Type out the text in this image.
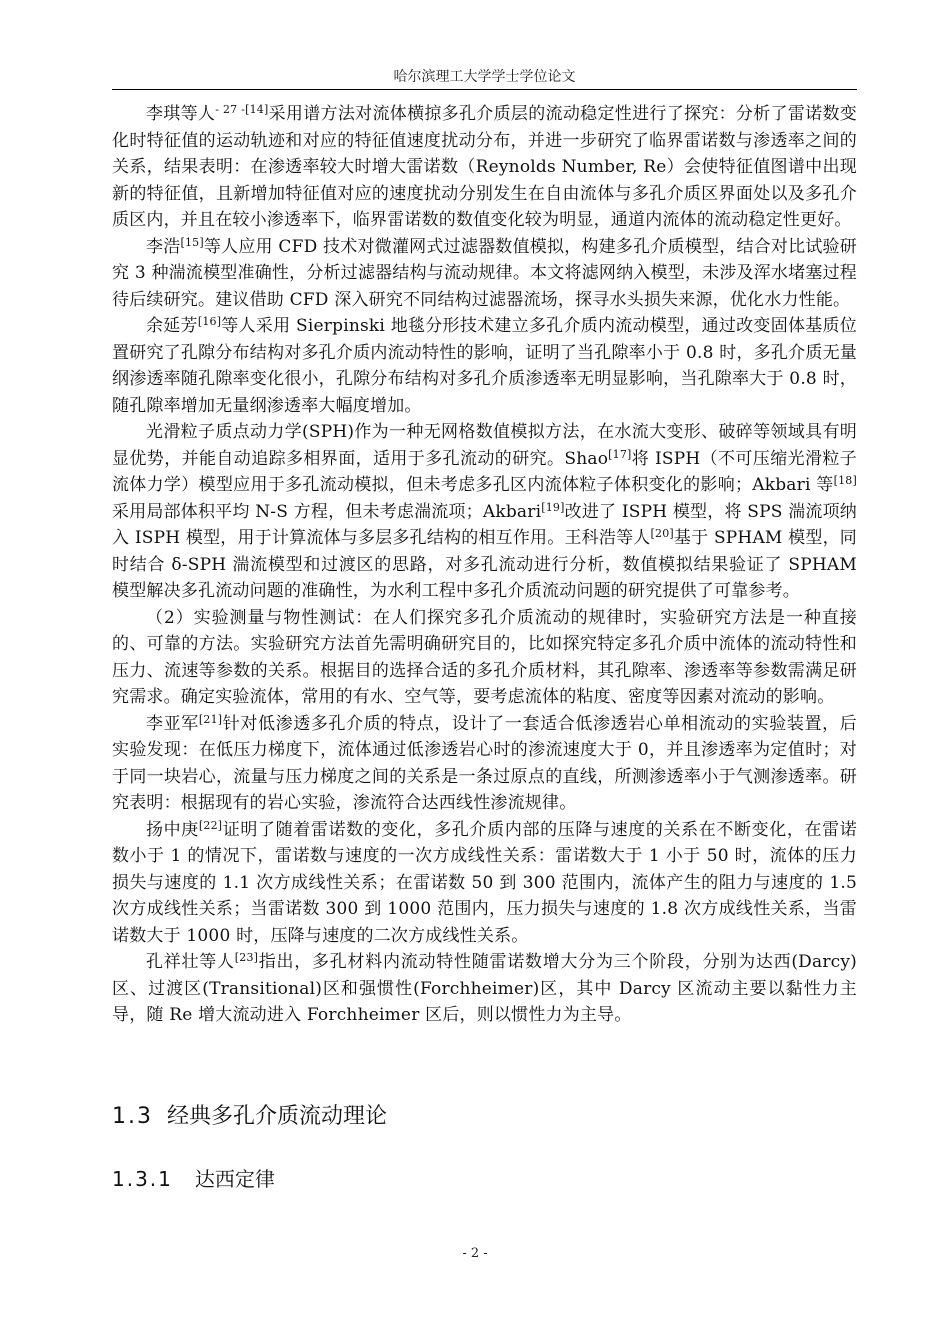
哈尔滨理工大学学士学位论文

李琪等人$^{- 27 -[14]}$采用谱方法对流体横掠多孔介质层的流动稳定性进行了探究：分析了雷诺数变化时特征值的运动轨迹和对应的特征值速度扰动分布，并进一步研究了临界雷诺数与渗透率之间的关系，结果表明：在渗透率较大时增大雷诺数（Reynolds Number, Re）会使特征值图谱中出现新的特征值，且新增加特征值对应的速度扰动分别发生在自由流体与多孔介质区界面处以及多孔介质区内，并且在较小渗透率下，临界雷诺数的数值变化较为明显，通道内流体的流动稳定性更好。

李浩[15]等人应用 CFD 技术对微灌网式过滤器数值模拟，构建多孔介质模型，结合对比试验研究 3 种湍流模型准确性，分析过滤器结构与流动规律。本文将滤网纳入模型，未涉及浑水堵塞过程待后续研究。建议借助 CFD 深入研究不同结构过滤器流场，探寻水头损失来源，优化水力性能。

余延芳[16]等人采用 Sierpinski 地毯分形技术建立多孔介质内流动模型，通过改变固体基质位置研究了孔隙分布结构对多孔介质内流动特性的影响，证明了当孔隙率小于 0.8 时，多孔介质无量纲渗透率随孔隙率变化很小，孔隙分布结构对多孔介质渗透率无明显影响，当孔隙率大于 0.8 时，随孔隙率增加无量纲渗透率大幅度增加。

光滑粒子质点动力学(SPH)作为一种无网格数值模拟方法，在水流大变形、破碎等领域具有明显优势，并能自动追踪多相界面，适用于多孔流动的研究。Shao[17]将 ISPH（不可压缩光滑粒子流体力学）模型应用于多孔流动模拟，但未考虑多孔区内流体粒子体积变化的影响；Akbari 等[18]采用局部体积平均 N-S 方程，但未考虑湍流项；Akbari[19]改进了 ISPH 模型，将 SPS 湍流项纳入 ISPH 模型，用于计算流体与多层多孔结构的相互作用。王科浩等人[20]基于 SPHAM 模型，同时结合 δ-SPH 湍流模型和过渡区的思路，对多孔流动进行分析，数值模拟结果验证了 SPHAM 模型解决多孔流动问题的准确性，为水利工程中多孔介质流动问题的研究提供了可靠参考。

（2）实验测量与物性测试：在人们探究多孔介质流动的规律时，实验研究方法是一种直接的、可靠的方法。实验研究方法首先需明确研究目的，比如探究特定多孔介质中流体的流动特性和压力、流速等参数的关系。根据目的选择合适的多孔介质材料，其孔隙率、渗透率等参数需满足研究需求。确定实验流体，常用的有水、空气等，要考虑流体的粘度、密度等因素对流动的影响。

李亚军[21]针对低渗透多孔介质的特点，设计了一套适合低渗透岩心单相流动的实验装置，后实验发现：在低压力梯度下，流体通过低渗透岩心时的渗流速度大于 0，并且渗透率为定值时；对于同一块岩心，流量与压力梯度之间的关系是一条过原点的直线，所测渗透率小于气测渗透率。研究表明：根据现有的岩心实验，渗流符合达西线性渗流规律。

扬中庚[22]证明了随着雷诺数的变化，多孔介质内部的压降与速度的关系在不断变化，在雷诺数小于 1 的情况下，雷诺数与速度的一次方成线性关系：雷诺数大于 1 小于 50 时，流体的压力损失与速度的 1.1 次方成线性关系；在雷诺数 50 到 300 范围内，流体产生的阻力与速度的 1.5 次方成线性关系；当雷诺数 300 到 1000 范围内，压力损失与速度的 1.8 次方成线性关系，当雷诺数大于 1000 时，压降与速度的二次方成线性关系。

孔祥壮等人[23]指出，多孔材料内流动特性随雷诺数增大分为三个阶段，分别为达西(Darcy)区、过渡区(Transitional)区和强惯性(Forchheimer)区，其中 Darcy 区流动主要以黏性力主导，随 Re 增大流动进入 Forchheimer 区后，则以惯性力为主导。

1.3 经典多孔介质流动理论
1.3.1 达西定律
- 2 -
